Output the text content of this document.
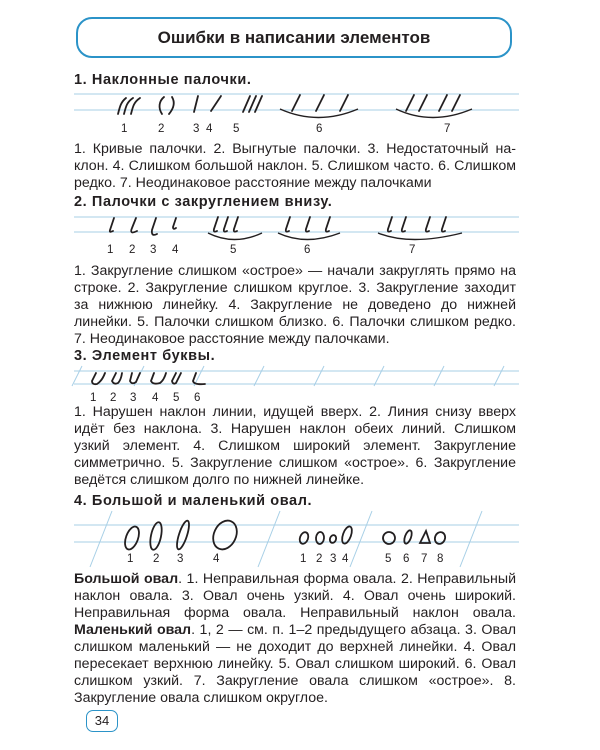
Ошибки в написании элементов
1. Наклонные палочки.
1	2 3 4 5	6	7

1. Кривые палочки. 2. Выгнутые палочки. 3. Недостаточный наклон. 4. Слишком большой наклон. 5. Слишком часто. 6. Слишком редко. 7. Неодинаковое расстояние между палочками

2. Палочки с закруглением внизу.
1 2 3 4	5	6	7

1. Закругление слишком «острое» — начали закруглять прямо на строке. 2. Закругление слишком круглое. 3. Закругление заходит за нижнюю линейку. 4. Закругление не доведено до нижней линейки. 5. Палочки слишком близко. 6. Палочки слишком редко. 7. Неодинаковое расстояние между палочками.

3. Элемент буквы.
1 2 3 4 5 6

1. Нарушен наклон линии, идущей вверх. 2. Линия снизу вверх идёт без наклона. 3. Нарушен наклон обеих линий. Слишком узкий элемент. 4. Слишком широкий элемент. Закругление симметрично. 5. Закругление слишком «острое». 6. Закругление ведётся слишком долго по нижней линейке.

4. Большой и маленький овал.
1 2 3	4	1 2 3 4	5 6 7 8

Большой овал. 1. Неправильная форма овала. 2. Неправильный наклон овала. 3. Овал очень узкий. 4. Овал очень широкий. Неправильная форма овала. Неправильный наклон овала. Маленький овал. 1, 2 — см. п. 1–2 предыдущего абзаца. 3. Овал слишком маленький — не доходит до верхней линейки. 4. Овал пересекает верхнюю линейку. 5. Овал слишком широкий. 6. Овал слишком узкий. 7. Закругление овала слишком «острое». 8. Закругление овала слишком округлое.

34
